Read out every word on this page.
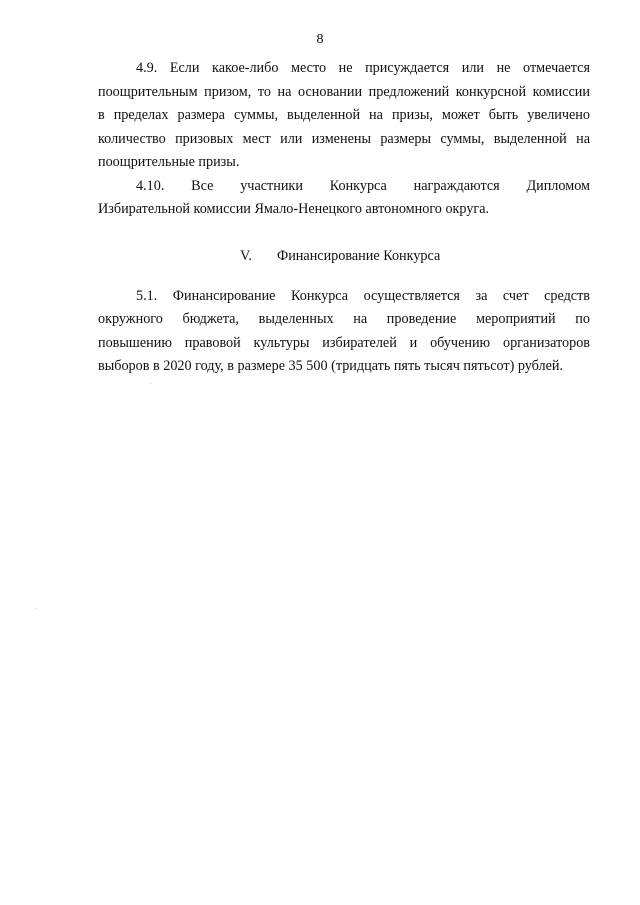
8
4.9. Если какое-либо место не присуждается или не отмечается
поощрительным призом, то на основании предложений конкурсной комиссии
в пределах размера суммы, выделенной на призы, может быть увеличено
количество призовых мест или изменены размеры суммы, выделенной на
поощрительные призы.
4.10. Все участники Конкурса награждаются Дипломом
Избирательной комиссии Ямало-Ненецкого автономного округа.
V. Финансирование Конкурса
5.1. Финансирование Конкурса осуществляется за счет средств
окружного бюджета, выделенных на проведение мероприятий по
повышению правовой культуры избирателей и обучению организаторов
выборов в 2020 году, в размере 35 500 (тридцать пять тысяч пятьсот) рублей.
